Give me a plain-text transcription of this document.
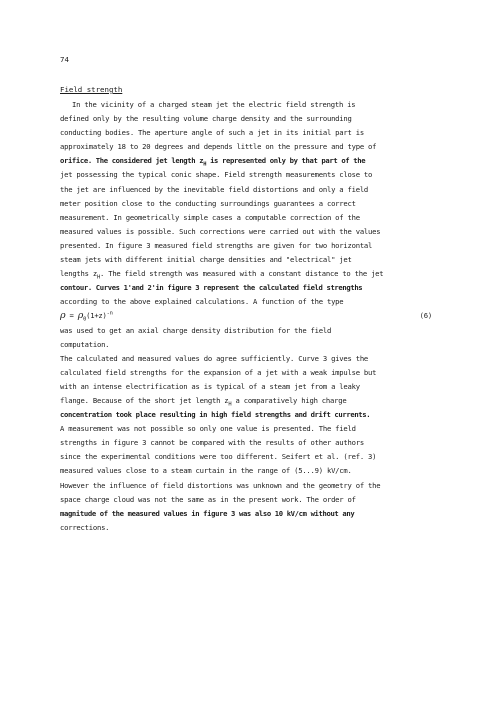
74
Field strength
In the vicinity of a charged steam jet the electric field strength is
defined only by the resulting volume charge density and the surrounding
conducting bodies. The aperture angle of such a jet in its initial part is
approximately 18 to 20 degrees and depends little on the pressure and type of
orifice. The considered jet length $z_H$ is represented only by that part of the
jet possessing the typical conic shape. Field strength measurements close to
the jet are influenced by the inevitable field distortions and only a field
meter position close to the conducting surroundings guarantees a correct
measurement. In geometrically simple cases a computable correction of the
measured values is possible. Such corrections were carried out with the values
presented. In figure 3 measured field strengths are given for two horizontal
steam jets with different initial charge densities and "electrical" jet
lengths $z_H$. The field strength was measured with a constant distance to the jet
contour. Curves 1'and 2'in figure 3 represent the calculated field strengths
according to the above explained calculations. A function of the type
$\rho = \rho_0(1+z)^{-n}$	(6)
was used to get an axial charge density distribution for the field
computation.
The calculated and measured values do agree sufficiently. Curve 3 gives the
calculated field strengths for the expansion of a jet with a weak impulse but
with an intense electrification as is typical of a steam jet from a leaky
flange. Because of the short jet length $z_H$ a comparatively high charge
concentration took place resulting in high field strengths and drift currents.
A measurement was not possible so only one value is presented. The field
strengths in figure 3 cannot be compared with the results of other authors
since the experimental conditions were too different. Seifert et al. (ref. 3)
measured values close to a steam curtain in the range of (5...9) kV/cm.
However the influence of field distortions was unknown and the geometry of the
space charge cloud was not the same as in the present work. The order of
magnitude of the measured values in figure 3 was also 10 kV/cm without any
corrections.
